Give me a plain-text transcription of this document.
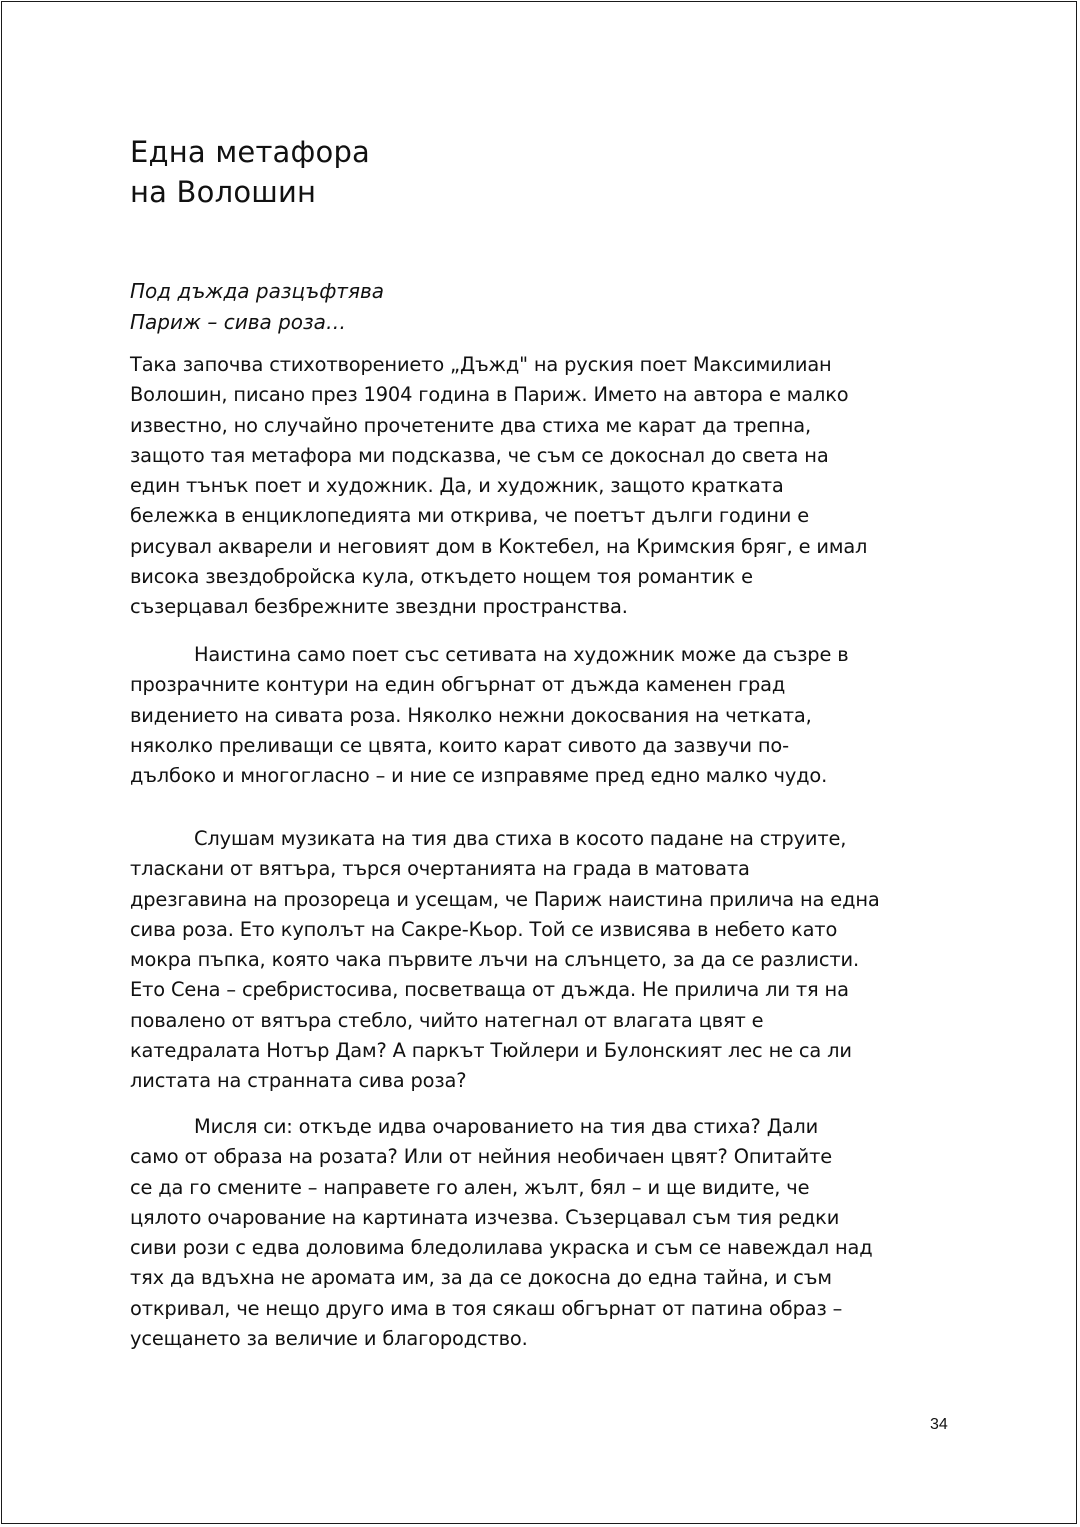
Една метафора
на Волошин
Под дъжда разцъфтява
Париж – сива роза…

Така започва стихотворението „Дъжд" на руския поет Максимилиан
Волошин, писано през 1904 година в Париж. Името на автора е малко
известно, но случайно прочетените два стиха ме карат да трепна,
защото тая метафора ми подсказва, че съм се докоснал до света на
един тънък поет и художник. Да, и художник, защото кратката
бележка в енциклопедията ми открива, че поетът дълги години е
рисувал акварели и неговият дом в Коктебел, на Кримския бряг, е имал
висока звездобройска кула, откъдето нощем тоя романтик е
съзерцавал безбрежните звездни пространства.

Наистина само поет със сетивата на художник може да съзре в
прозрачните контури на един обгърнат от дъжда каменен град
видението на сивата роза. Няколко нежни докосвания на четката,
няколко преливащи се цвята, които карат сивото да зазвучи по-
дълбоко и многогласно – и ние се изправяме пред едно малко чудо.

Слушам музиката на тия два стиха в косото падане на струите,
тласкани от вятъра, търся очертанията на града в матовата
дрезгавина на прозореца и усещам, че Париж наистина прилича на една
сива роза. Ето куполът на Сакре-Кьор. Той се извисява в небето като
мокра пъпка, която чака първите лъчи на слънцето, за да се разлисти.
Ето Сена – сребристосива, посветваща от дъжда. Не прилича ли тя на
повалено от вятъра стебло, чийто натегнал от влагата цвят е
катедралата Нотър Дам? А паркът Тюйлери и Булонският лес не са ли
листата на странната сива роза?

Мисля си: откъде идва очарованието на тия два стиха? Дали
само от образа на розата? Или от нейния необичаен цвят? Опитайте
се да го смените – направете го ален, жълт, бял – и ще видите, че
цялото очарование на картината изчезва. Съзерцавал съм тия редки
сиви рози с едва доловима бледолилава украска и съм се навеждал над
тях да вдъхна не аромата им, за да се докосна до една тайна, и съм
откривал, че нещо друго има в тоя сякаш обгърнат от патина образ –
усещането за величие и благородство.

34
